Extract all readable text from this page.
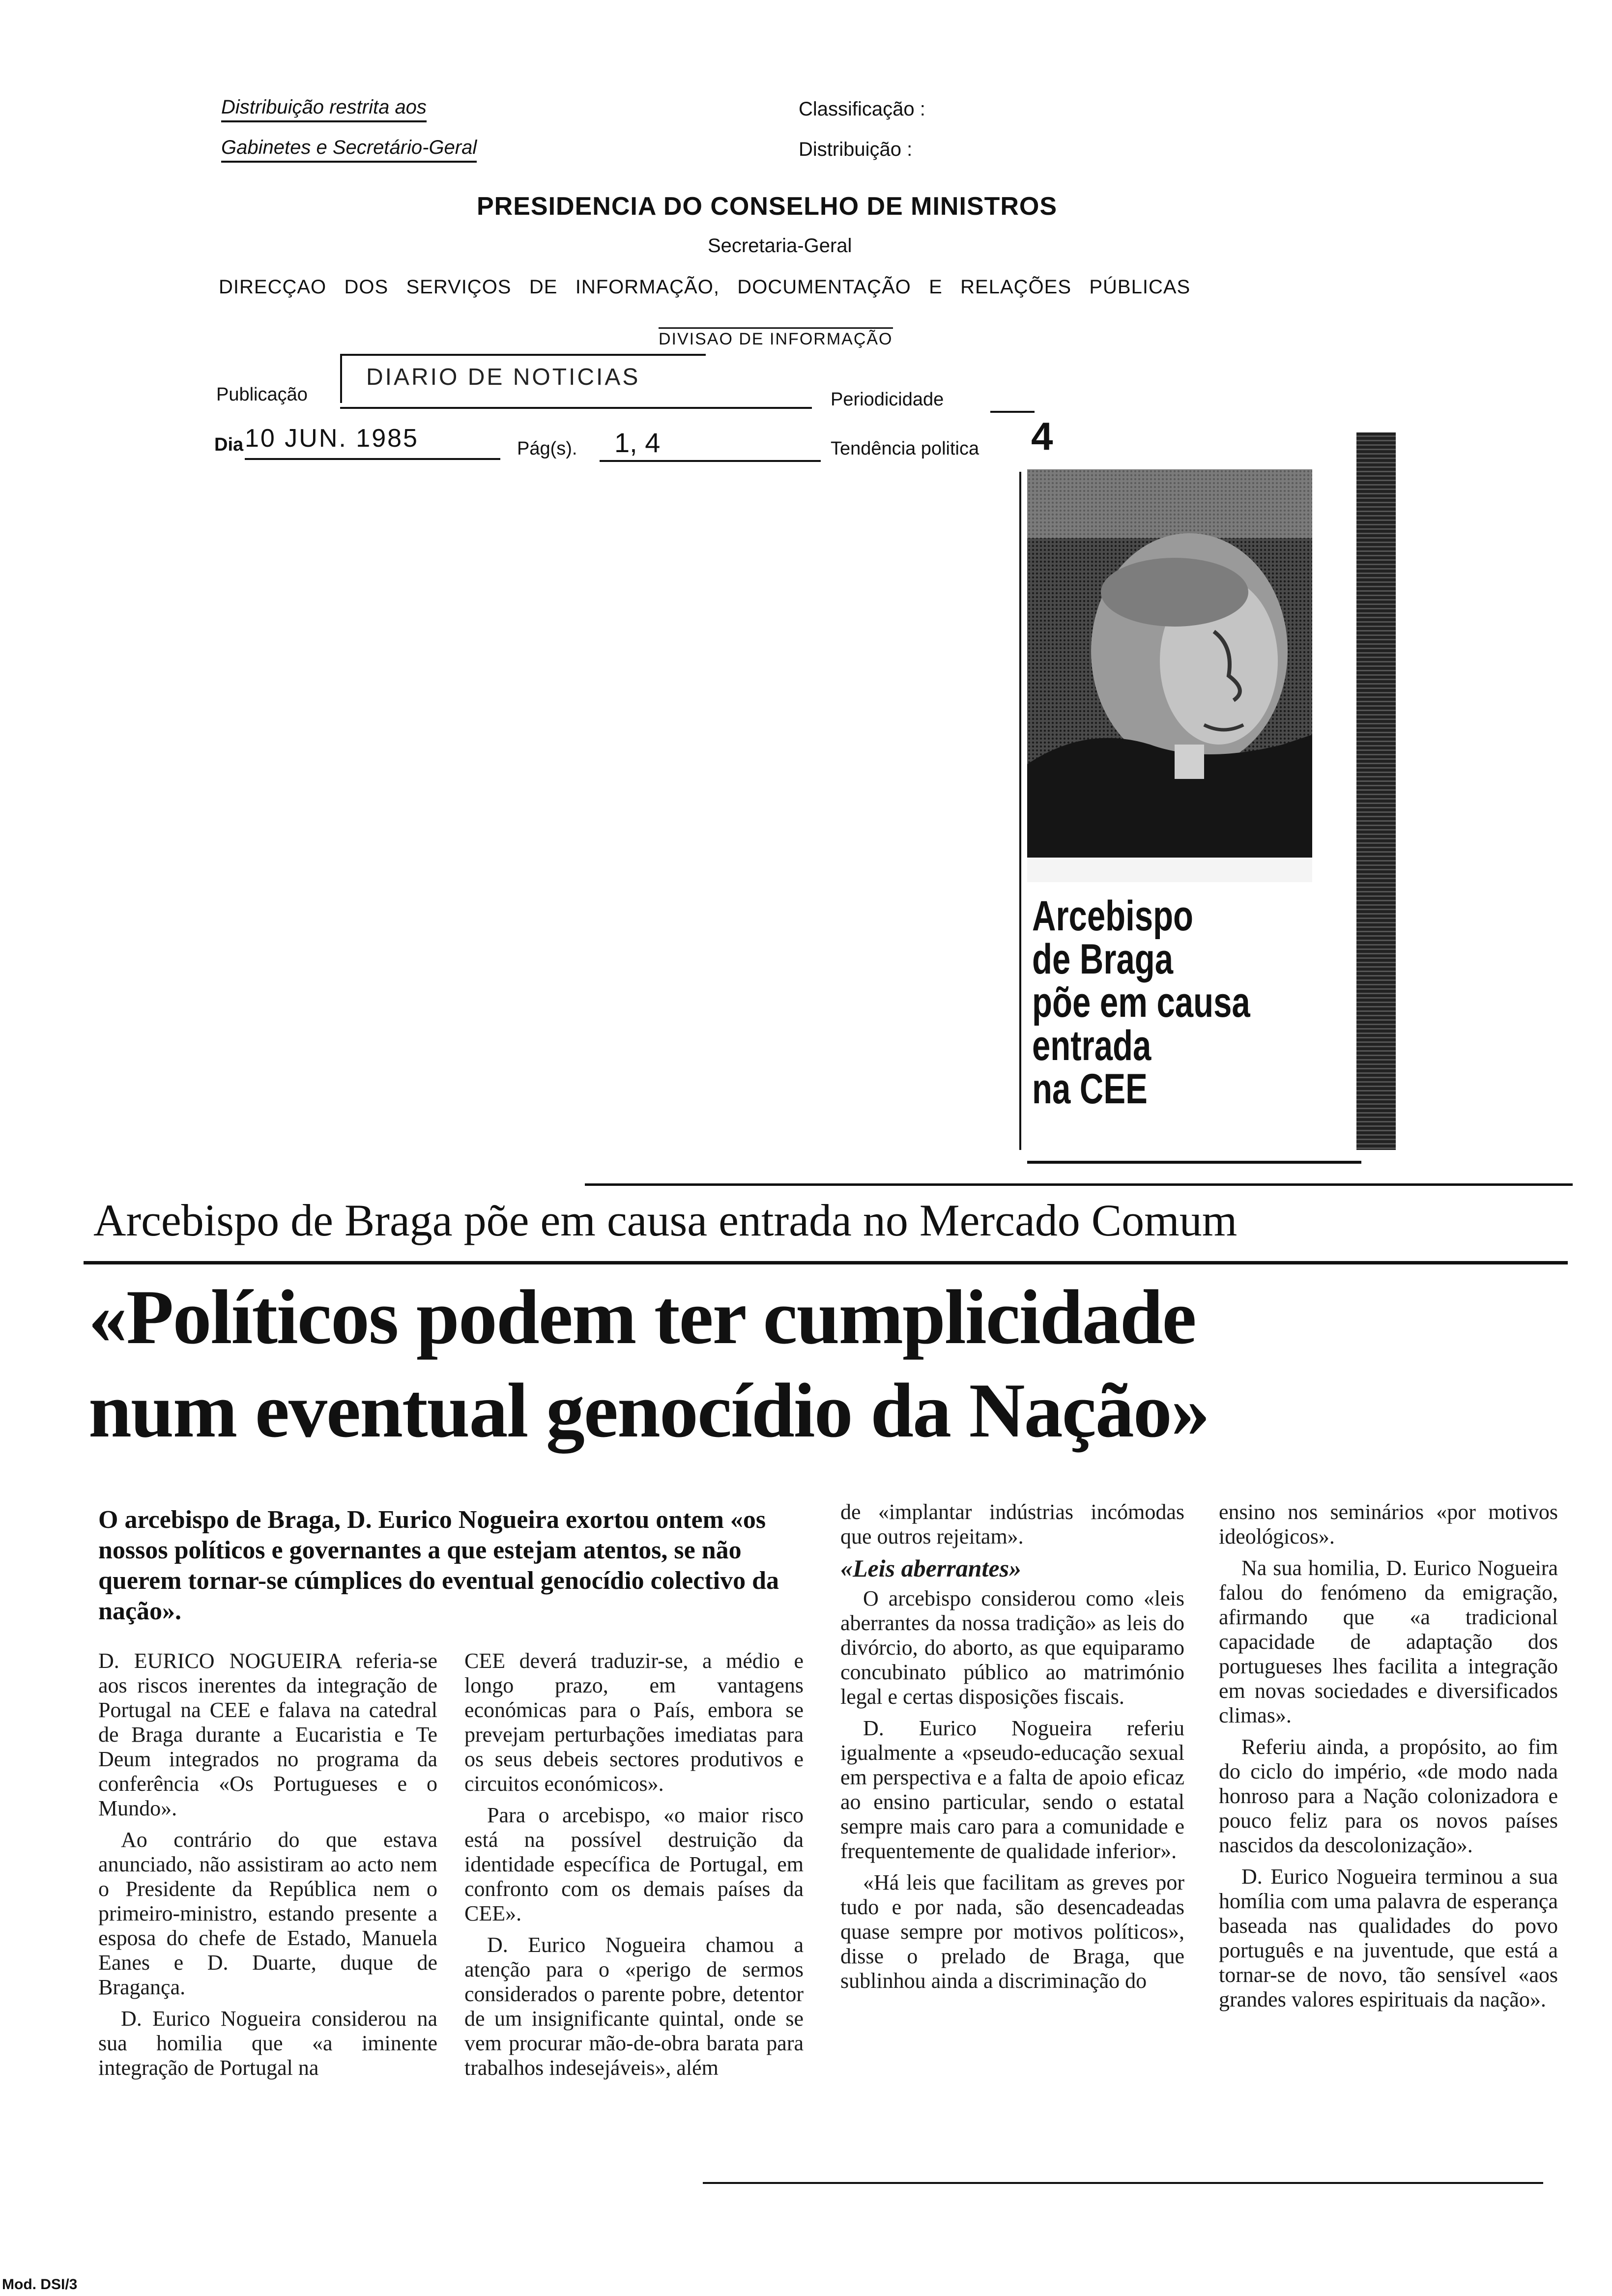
Distribuição restrita aos
Gabinetes e Secretário-Geral
Classificação :
Distribuição :
PRESIDENCIA DO CONSELHO DE MINISTROS
Secretaria-Geral
DIRECÇAO   DOS   SERVIÇOS   DE   INFORMAÇÃO,   DOCUMENTAÇÃO   E   RELAÇÕES   PÚBLICAS
DIVISAO DE INFORMAÇÃO
Publicação
DIARIO DE NOTICIAS
Periodicidade
Dia 10 JUN. 1985	Pág(s). 1, 4	Tendência politica 4
Arcebispo
de Braga
põe em causa
entrada
na CEE
Arcebispo de Braga põe em causa entrada no Mercado Comum
«Políticos podem ter cumplicidade
num eventual genocídio da Nação»
O arcebispo de Braga, D. Eurico Nogueira exortou ontem «os nossos políticos e governantes a que estejam atentos, se não querem tornar-se cúmplices do eventual genocídio colectivo da nação».

D. EURICO NOGUEIRA referia-se aos riscos inerentes da integração de Portugal na CEE e falava na catedral de Braga durante a Eucaristia e Te Deum integrados no programa da conferência «Os Portugueses e o Mundo».

Ao contrário do que estava anunciado, não assistiram ao acto nem o Presidente da República nem o primeiro-ministro, estando presente a esposa do chefe de Estado, Manuela Eanes e D. Duarte, duque de Bragança.

D. Eurico Nogueira considerou na sua homilia que «a iminente integração de Portugal na

CEE deverá traduzir-se, a médio e longo prazo, em vantagens económicas para o País, embora se prevejam perturbações imediatas para os seus debeis sectores produtivos e circuitos económicos».

Para o arcebispo, «o maior risco está na possível destruição da identidade específica de Portugal, em confronto com os demais países da CEE».

D. Eurico Nogueira chamou a atenção para o «perigo de sermos considerados o parente pobre, detentor de um insignificante quintal, onde se vem procurar mão-de-obra barata para trabalhos indesejáveis», além

de «implantar indústrias incómodas que outros rejeitam».

«Leis aberrantes»

O arcebispo considerou como «leis aberrantes da nossa tradição» as leis do divórcio, do aborto, as que equiparamo concubinato público ao matrimónio legal e certas disposições fiscais.

D. Eurico Nogueira referiu igualmente a «pseudo-educação sexual em perspectiva e a falta de apoio eficaz ao ensino particular, sendo o estatal sempre mais caro para a comunidade e frequentemente de qualidade inferior».

«Há leis que facilitam as greves por tudo e por nada, são desencadeadas quase sempre por motivos políticos», disse o prelado de Braga, que sublinhou ainda a discriminação do

ensino nos seminários «por motivos ideológicos».

Na sua homilia, D. Eurico Nogueira falou do fenómeno da emigração, afirmando que «a tradicional capacidade de adaptação dos portugueses lhes facilita a integração em novas sociedades e diversificados climas».

Referiu ainda, a propósito, ao fim do ciclo do império, «de modo nada honroso para a Nação colonizadora e pouco feliz para os novos países nascidos da descolonização».

D. Eurico Nogueira terminou a sua homília com uma palavra de esperança baseada nas qualidades do povo português e na juventude, que está a tornar-se de novo, tão sensível «aos grandes valores espirituais da nação».

Mod. DSI/3
